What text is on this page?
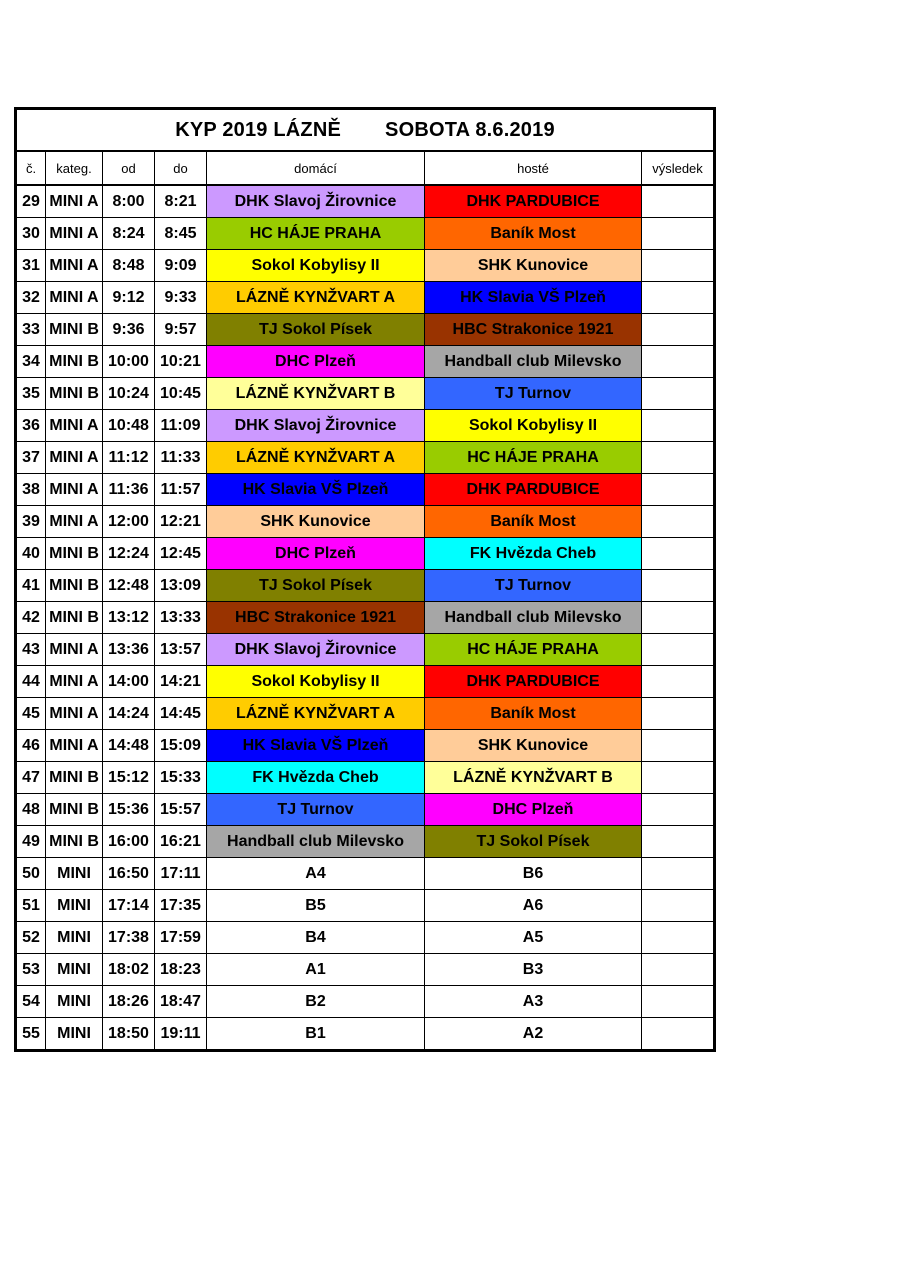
KYP 2019 LÁZNĚ SOBOTA 8.6.2019						
č.	kateg.	od	do	domácí	hosté	výsledek
29	MINI A	8:00	8:21	DHK Slavoj Žirovnice	DHK PARDUBICE	
30	MINI A	8:24	8:45	HC HÁJE PRAHA	Baník Most	
31	MINI A	8:48	9:09	Sokol Kobylisy II	SHK Kunovice	
32	MINI A	9:12	9:33	LÁZNĚ KYNŽVART A	HK Slavia VŠ Plzeň	
33	MINI B	9:36	9:57	TJ Sokol Písek	HBC Strakonice 1921	
34	MINI B	10:00	10:21	DHC Plzeň	Handball club Milevsko	
35	MINI B	10:24	10:45	LÁZNĚ KYNŽVART B	TJ Turnov	
36	MINI A	10:48	11:09	DHK Slavoj Žirovnice	Sokol Kobylisy II	
37	MINI A	11:12	11:33	LÁZNĚ KYNŽVART A	HC HÁJE PRAHA	
38	MINI A	11:36	11:57	HK Slavia VŠ Plzeň	DHK PARDUBICE	
39	MINI A	12:00	12:21	SHK Kunovice	Baník Most	
40	MINI B	12:24	12:45	DHC Plzeň	FK Hvězda Cheb	
41	MINI B	12:48	13:09	TJ Sokol Písek	TJ Turnov	
42	MINI B	13:12	13:33	HBC Strakonice 1921	Handball club Milevsko	
43	MINI A	13:36	13:57	DHK Slavoj Žirovnice	HC HÁJE PRAHA	
44	MINI A	14:00	14:21	Sokol Kobylisy II	DHK PARDUBICE	
45	MINI A	14:24	14:45	LÁZNĚ KYNŽVART A	Baník Most	
46	MINI A	14:48	15:09	HK Slavia VŠ Plzeň	SHK Kunovice	
47	MINI B	15:12	15:33	FK Hvězda Cheb	LÁZNĚ KYNŽVART B	
48	MINI B	15:36	15:57	TJ Turnov	DHC Plzeň	
49	MINI B	16:00	16:21	Handball club Milevsko	TJ Sokol Písek	
50	MINI	16:50	17:11	A4	B6	
51	MINI	17:14	17:35	B5	A6	
52	MINI	17:38	17:59	B4	A5	
53	MINI	18:02	18:23	A1	B3	
54	MINI	18:26	18:47	B2	A3	
55	MINI	18:50	19:11	B1	A2	
